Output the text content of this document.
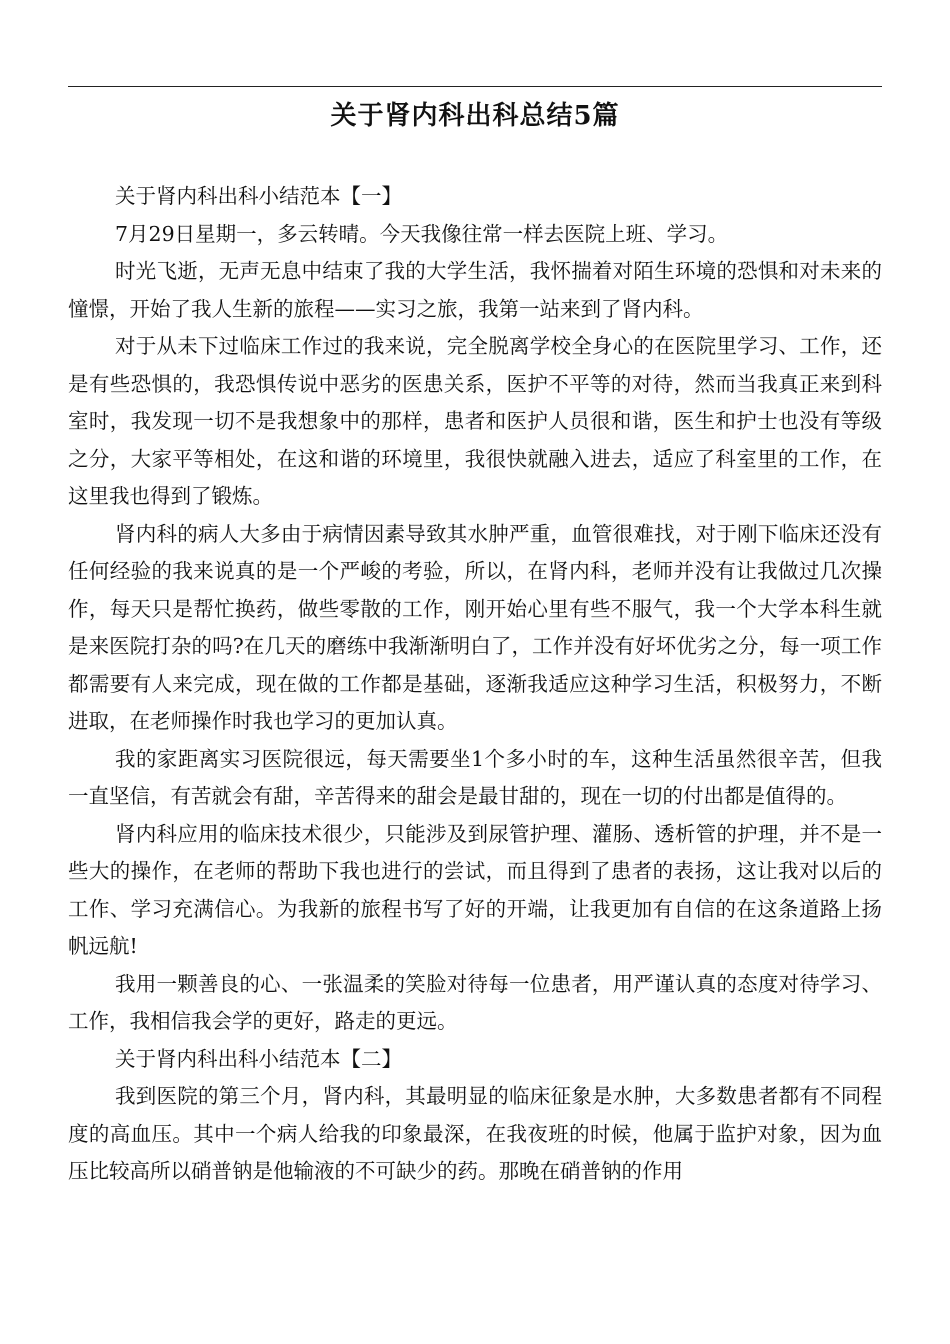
关于肾内科出科总结5篇

关于肾内科出科小结范本【一】

7月29日星期一，多云转晴。今天我像往常一样去医院上班、学习。

时光飞逝，无声无息中结束了我的大学生活，我怀揣着对陌生环境的恐惧和对未来的憧憬，开始了我人生新的旅程——实习之旅，我第一站来到了肾内科。

对于从未下过临床工作过的我来说，完全脱离学校全身心的在医院里学习、工作，还是有些恐惧的，我恐惧传说中恶劣的医患关系，医护不平等的对待，然而当我真正来到科室时，我发现一切不是我想象中的那样，患者和医护人员很和谐，医生和护士也没有等级之分，大家平等相处，在这和谐的环境里，我很快就融入进去，适应了科室里的工作，在这里我也得到了锻炼。

肾内科的病人大多由于病情因素导致其水肿严重，血管很难找，对于刚下临床还没有任何经验的我来说真的是一个严峻的考验，所以，在肾内科，老师并没有让我做过几次操作，每天只是帮忙换药，做些零散的工作，刚开始心里有些不服气，我一个大学本科生就是来医院打杂的吗?在几天的磨练中我渐渐明白了，工作并没有好坏优劣之分，每一项工作都需要有人来完成，现在做的工作都是基础，逐渐我适应这种学习生活，积极努力，不断进取，在老师操作时我也学习的更加认真。

我的家距离实习医院很远，每天需要坐1个多小时的车，这种生活虽然很辛苦，但我一直坚信，有苦就会有甜，辛苦得来的甜会是最甘甜的，现在一切的付出都是值得的。

肾内科应用的临床技术很少，只能涉及到尿管护理、灌肠、透析管的护理，并不是一些大的操作，在老师的帮助下我也进行的尝试，而且得到了患者的表扬，这让我对以后的工作、学习充满信心。为我新的旅程书写了好的开端，让我更加有自信的在这条道路上扬帆远航!

我用一颗善良的心、一张温柔的笑脸对待每一位患者，用严谨认真的态度对待学习、工作，我相信我会学的更好，路走的更远。

关于肾内科出科小结范本【二】

我到医院的第三个月，肾内科，其最明显的临床征象是水肿，大多数患者都有不同程度的高血压。其中一个病人给我的印象最深，在我夜班的时候，他属于监护对象，因为血压比较高所以硝普钠是他输液的不可缺少的药。那晚在硝普钠的作用
